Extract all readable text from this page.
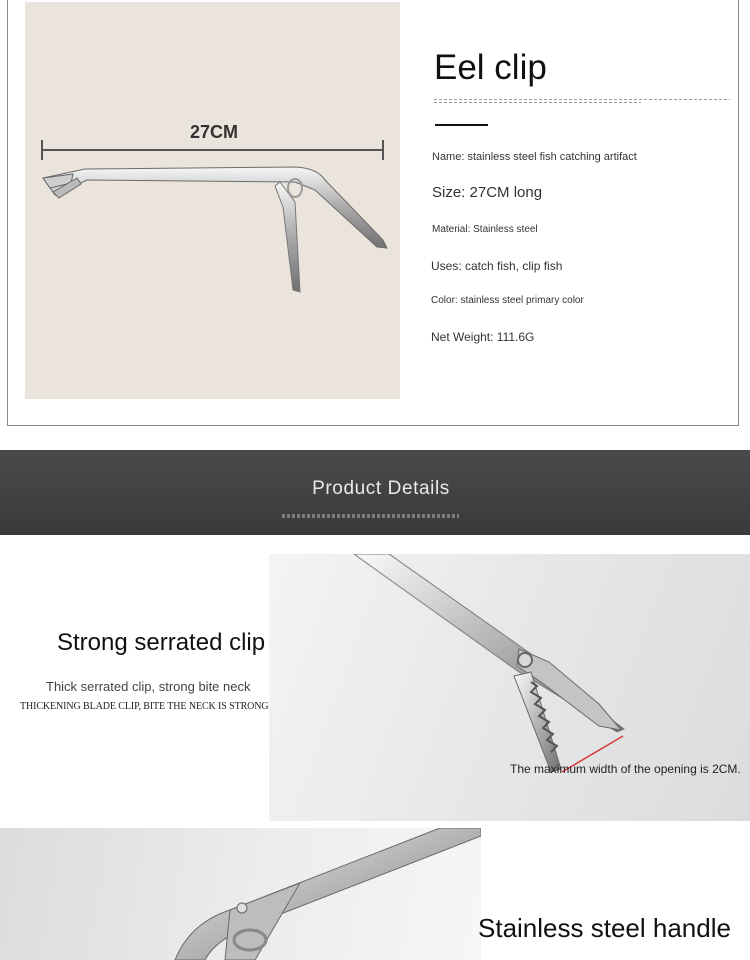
27CM
Eel clip
Name: stainless steel fish catching artifact
Size: 27CM long
Material: Stainless steel
Uses: catch fish, clip fish
Color: stainless steel primary color
Net Weight: 111.6G
Product Details
Strong serrated clip
Thick serrated clip, strong bite neck
THICKENING BLADE CLIP, BITE THE NECK IS STRONG
The maximum width of the opening is 2CM.
Stainless steel handle
